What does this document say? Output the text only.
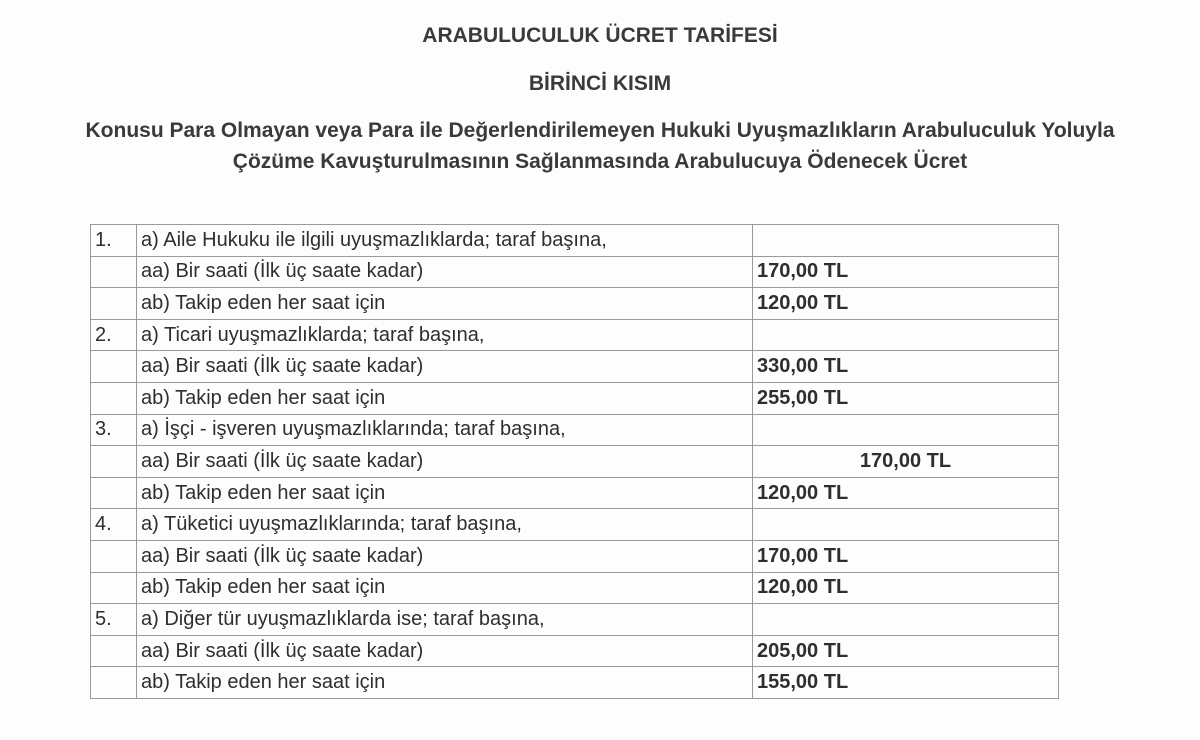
ARABULUCULUK ÜCRET TARİFESİ
BİRİNCİ KISIM
Konusu Para Olmayan veya Para ile Değerlendirilemeyen Hukuki Uyuşmazlıkların Arabuluculuk Yoluyla
Çözüme Kavuşturulmasının Sağlanmasında Arabulucuya Ödenecek Ücret
1.	a) Aile Hukuku ile ilgili uyuşmazlıklarda; taraf başına,	
	aa) Bir saati (İlk üç saate kadar)	170,00 TL
	ab) Takip eden her saat için	120,00 TL
2.	a) Ticari uyuşmazlıklarda; taraf başına,	
	aa) Bir saati (İlk üç saate kadar)	330,00 TL
	ab) Takip eden her saat için	255,00 TL
3.	a) İşçi - işveren uyuşmazlıklarında; taraf başına,	
	aa) Bir saati (İlk üç saate kadar)	170,00 TL
	ab) Takip eden her saat için	120,00 TL
4.	a) Tüketici uyuşmazlıklarında; taraf başına,	
	aa) Bir saati (İlk üç saate kadar)	170,00 TL
	ab) Takip eden her saat için	120,00 TL
5.	a) Diğer tür uyuşmazlıklarda ise; taraf başına,	
	aa) Bir saati (İlk üç saate kadar)	205,00 TL
	ab) Takip eden her saat için	155,00 TL
